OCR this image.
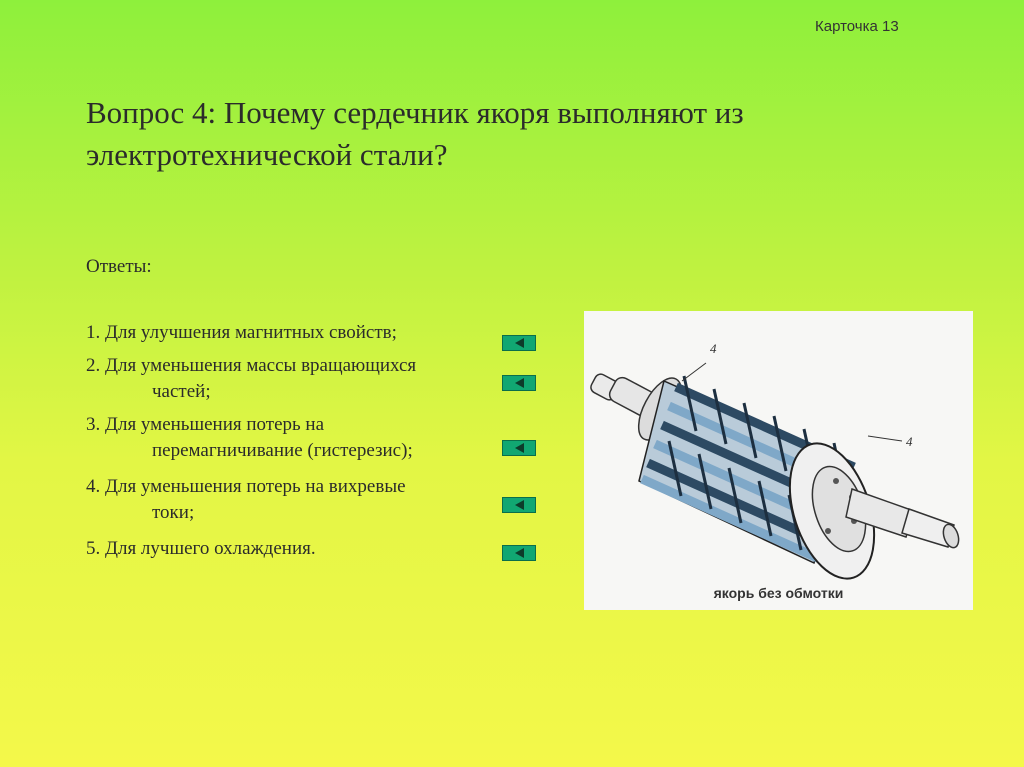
Карточка 13
Вопрос 4: Почему сердечник якоря выполняют из электротехнической стали?
Ответы:
1. Для улучшения магнитных свойств;
2. Для уменьшения массы вращающихся
частей;
3. Для уменьшения потерь на
перемагничивание (гистерезис);
4. Для уменьшения потерь на вихревые
токи;
5. Для лучшего охлаждения.
4
4
якорь без обмотки
